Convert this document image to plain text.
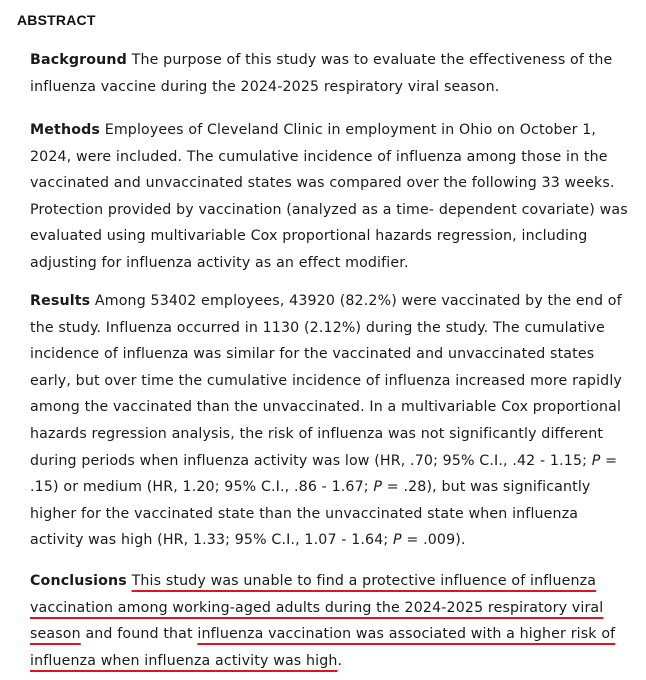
ABSTRACT

Background The purpose of this study was to evaluate the effectiveness of the influenza vaccine during the 2024-2025 respiratory viral season.

Methods Employees of Cleveland Clinic in employment in Ohio on October 1, 2024, were included. The cumulative incidence of influenza among those in the vaccinated and unvaccinated states was compared over the following 33 weeks. Protection provided by vaccination (analyzed as a time- dependent covariate) was evaluated using multivariable Cox proportional hazards regression, including adjusting for influenza activity as an effect modifier.

Results Among 53402 employees, 43920 (82.2%) were vaccinated by the end of the study. Influenza occurred in 1130 (2.12%) during the study. The cumulative incidence of influenza was similar for the vaccinated and unvaccinated states early, but over time the cumulative incidence of influenza increased more rapidly among the vaccinated than the unvaccinated. In a multivariable Cox proportional hazards regression analysis, the risk of influenza was not significantly different during periods when influenza activity was low (HR, .70; 95% C.I., .42 - 1.15; P = .15) or medium (HR, 1.20; 95% C.I., .86 - 1.67; P = .28), but was significantly higher for the vaccinated state than the unvaccinated state when influenza activity was high (HR, 1.33; 95% C.I., 1.07 - 1.64; P = .009).

Conclusions This study was unable to find a protective influence of influenza vaccination among working-aged adults during the 2024-2025 respiratory viral season and found that influenza vaccination was associated with a higher risk of influenza when influenza activity was high.
